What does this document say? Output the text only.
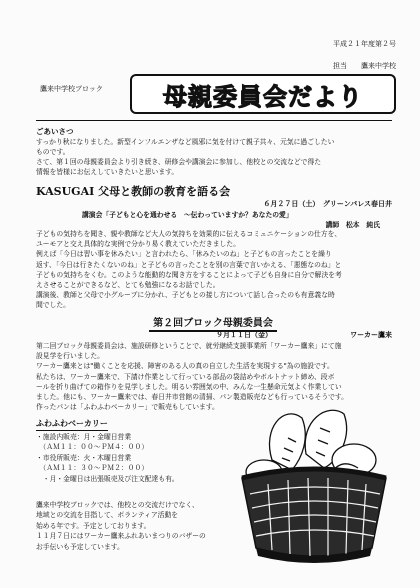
平成２１年度第２号
担当 鷹来中学校
鷹来中学校ブロック	母親委員会だより
ごあいさつ
すっかり秋になりました。新型インフルエンザなど風邪に気を付けて親子共々、元気に過ごしたい
ものです。
さて、第１回の母親委員会より引き続き、研修会や講演会に参加し、他校との交流などで得た
情報を皆様にお伝えしていきたいと思います。
KASUGAI 父母と教師の教育を語る会
６月２７日（土）　グリーンパレス春日井
講演会「子どもと心を通わせる　～伝わっていますか？あなたの愛」
講師　松本　純氏
子どもの気持ちを聞き、親や教師など大人の気持ちを効果的に伝えるコミュニケーションの仕方を、
ユーモアと交え具体的な実例で分かり易く教えていただきました。
例えば「今日は習い事を休みたい」と言われたら、「休みたいのね」と子どもの言ったことを繰り
返す、「今日は行きたくないのね」と子どもの言ったことを別の言葉で言いかえる、「悪態なのね」と
子どもの気持ちをくむ。このような能動的な聞き方をすることによって子ども自身に自分で解決を考
えさせることができるなど、とても勉強になるお話でした。
講演後、教師と父母で小グループに分かれ、子どもとの接し方について話し合ったのも有意義な時
間でした。
第２回ブロック母親委員会
９月１１日（金）	ワーカー鷹来
第二回ブロック母親委員会は、施設研修ということで、就労継続支援事業所「ワーカー鷹来」にて施
設見学を行いました。
ワーカー鷹来とは"働くことを応援、障害のある人の真の自立した生活を実現する"為の施設です。
私たちは、ワーカー鷹来で、下請け作業として行っている部品の袋詰めやボルトナット締め、段ボ
ールを折り曲げての箱作りを見学しました。明るい雰囲気の中、みんな一生懸命元気よく作業してい
ました。他にも、ワーカー鷹来では、春日井市営館の清掃、パン製造販売なども行っているそうです。
作ったパンは「ふわふわベーカリー」で販売もしています。
ふわふわベーカリー
・施設内販売：月・金曜日営業
　（ＡＭ１１：００～ＰＭ４：００）
・市役所販売：火・木曜日営業
　（ＡＭ１１：３０～ＰＭ２：００）
　・月・金曜日は出張販売及び注文配達も有。
鷹来中学校ブロックでは、他校との交流だけでなく、
地域との交流を目指して、ボランティア活動を
始める年です。予定としております。
１１月７日にはワーカー鷹来ふれあいまつりのバザーの
お手伝いも予定しています。
